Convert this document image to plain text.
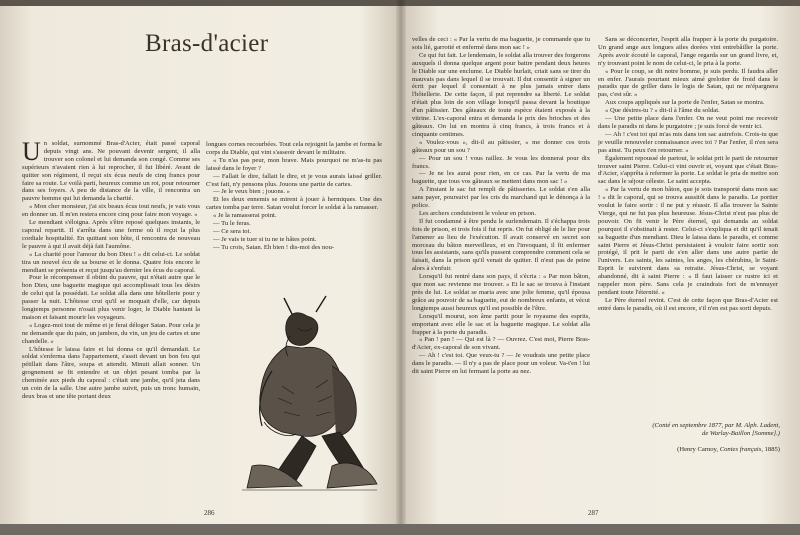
Bras-d'acier
U n soldat, surnommé Bras-d'Acier, était passé caporal depuis vingt ans. Ne pouvant devenir sergent, il alla trouver son colonel et lui demanda son congé. Comme ses supérieurs n'avaient rien à lui reprocher, il fut libéré. Avant de quitter son régiment, il reçut six écus neufs de cinq francs pour faire sa route. Le voilà parti, heureux comme un roi, pour retourner dans ses foyers. A peu de distance de la ville, il rencontra un pauvre homme qui lui demanda la charité.

« Mon cher monsieur, j'ai six beaux écus tout neufs, je vais vous en donner un. Il m'en restera encore cinq pour faire mon voyage. »

Le mendiant s'éloigna. Après s'être reposé quelques instants, le caporal repartit. Il s'arrêta dans une ferme où il reçut la plus cordiale hospitalité. En quittant son hôte, il rencontra de nouveau le pauvre à qui il avait déjà fait l'aumône.

« La charité pour l'amour du bon Dieu ! » dit celui-ci. Le soldat tira un nouvel écu de sa bourse et le donna. Quatre fois encore le mendiant se présenta et reçut jusqu'au dernier les écus du caporal.

Pour le récompenser il obtint du pauvre, qui n'était autre que le bon Dieu, une baguette magique qui accomplissait tous les désirs de celui qui la possédait. Le soldat alla dans une hôtellerie pour y passer la nuit. L'hôtesse crut qu'il se moquait d'elle, car depuis longtemps personne n'osait plus venir loger, le Diable hantant la maison et faisant mourir les voyageurs.

« Logez-moi tout de même et je ferai déloger Satan. Pour cela je ne demande que du pain, un jambon, du vin, un jeu de cartes et une chandelle. »

L'hôtesse le laissa faire et lui donna ce qu'il demandait. Le soldat s'enferma dans l'appartement, s'assit devant un bon feu qui pétillait dans l'âtre, soupa et attendit. Minuit allait sonner. Un grognement se fit entendre et un objet pesant tomba par la cheminée aux pieds du caporal : c'était une jambe, qu'il jeta dans un coin de la salle. Une autre jambe suivit, puis un tronc humain, deux bras et une tête portant deux

longues cornes recourbées. Tout cela rejoignit la jambe et forma le corps du Diable, qui vint s'asseoir devant le militaire.

« Tu n'as pas peur, mon brave. Mais pourquoi ne m'as-tu pas laissé dans le foyer ?

— Fallait le dire, fallait le dire, et je vous aurais laissé griller. C'est fait, n'y pensons plus. Jouons une partie de cartes.

— Je le veux bien ; jouons. »

Et les deux ennemis se mirent à jouer à hermiques. Une des cartes tomba par terre. Satan voulut forcer le soldat à la ramasser.

« Je la ramasserai point.

— Tu le feras.

— Ce sera toi.

— Je vais te tuer si tu ne te hâtes point.

— Tu crois, Satan. Eh bien ! dis-moi des nou-

286

velles de ceci : « Par la vertu de ma baguette, je commande que tu sois lié, garrotté et enfermé dans mon sac ! »

Ce qui fut fait. Le lendemain, le soldat alla trouver des forgerons auxquels il donna quelque argent pour battre pendant deux heures le Diable sur une enclume. Le Diable hurlait, criait sans se tirer du mauvais pas dans lequel il se trouvait. Il dut consentir à signer un écrit par lequel il consentait à ne plus jamais entrer dans l'hôtellerie. De cette façon, il put reprendre sa liberté. Le soldat n'était plus loin de son village lorsqu'il passa devant la boutique d'un pâtissier. Des gâteaux de toute espèce étaient exposés à la vitrine. L'ex-caporal entra et demanda le prix des brioches et des gâteaux. On lui en montra à cinq francs, à trois francs et à cinquante centimes.

« Voulez-vous », dit-il au pâtissier, « me donner ces trois gâteaux pour un sou ?

— Pour un sou ! vous raillez. Je vous les donnerai pour dix francs.

— Je ne les aurai pour rien, en ce cas. Par la vertu de ma baguette, que tous vos gâteaux se mettent dans mon sac ! »

A l'instant le sac fut rempli de pâtisseries. Le soldat s'en alla sans payer, poursuivi par les cris du marchand qui le dénonça à la police.

Les archers conduisirent le voleur en prison.

Il fut condamné à être pendu le surlendemain. Il s'échappa trois fois de prison, et trois fois il fut repris. On fut obligé de le lier pour l'amener au lieu de l'exécution. Il avait conservé en secret son morceau du bâton merveilleux, et en l'invoquant, il fit enfermer tous les assistants, sans qu'ils pussent comprendre comment cela se faisait, dans la prison qu'il venait de quitter. Il n'eut pas de peine alors à s'enfuir.

Lorsqu'il fut rentré dans son pays, il s'écria : « Par mon bâton, que mon sac revienne me trouver. » Et le sac se trouva à l'instant près de lui. Le soldat se maria avec une jolie femme, qu'il épousa grâce au pouvoir de sa baguette, eut de nombreux enfants, et vécut longtemps aussi heureux qu'il est possible de l'être.

Lorsqu'il mourut, son âme partit pour le royaume des esprits, emportant avec elle le sac et la baguette magique. Le soldat alla frapper à la porte du paradis.

« Pan ! pan ! — Qui est là ? — Ouvrez. C'est moi, Pierre Bras-d'Acier, ex-caporal de son vivant.

— Ah ! c'est toi. Que veux-tu ? — Je voudrais une petite place dans le paradis. — Il n'y a pas de place pour un voleur. Va-t'en ! lui dit saint Pierre en lui fermant la porte au nez.

Sans se déconcerter, l'esprit alla frapper à la porte du purgatoire. Un grand ange aux longues ailes dorées vint entrebâiller la porte. Après avoir écouté le caporal, l'ange regarda sur un grand livre, et, n'y trouvant point le nom de celui-ci, le pria à la porte.

« Pour le coup, se dit notre homme, je suis perdu. Il faudra aller en enfer. J'aurais pourtant mieux aimé grelotter de froid dans le paradis que de griller dans le logis de Satan, qui ne m'épargnera pas, c'est sûr. »

Aux coups appliqués sur la porte de l'enfer, Satan se montra.

« Que désires-tu ? » dit-il à l'âme du soldat.

— Une petite place dans l'enfer. On ne veut point me recevoir dans le paradis ni dans le purgatoire ; je suis forcé de venir ici.

— Ah ! c'est toi qui m'as mis dans ton sac autrefois. Crois-tu que je veuille renouveler connaissance avec toi ? Par l'enfer, il n'en sera pas ainsi. Tu peux t'en retourner. »

Également repoussé de partout, le soldat prit le parti de retourner trouver saint Pierre. Celui-ci vint ouvrir et, voyant que c'était Bras-d'Acier, s'apprêta à refermer la porte. Le soldat le pria de mettre son sac dans le séjour céleste. Le saint accepta.

« Par la vertu de mon bâton, que je sois transporté dans mon sac ! » dit le caporal, qui se trouva aussitôt dans le paradis. Le portier voulut le faire sortir : il ne put y réussir. Il alla trouver la Sainte Vierge, qui ne fut pas plus heureuse. Jésus-Christ n'eut pas plus de pouvoir. On fit venir le Père éternel, qui demanda au soldat pourquoi il s'obstinait à rester. Celui-ci s'expliqua et dit qu'il tenait sa baguette d'un mendiant. Dieu le laissa dans le paradis, et comme saint Pierre et Jésus-Christ persistaient à vouloir faire sortir son protégé, il prit le parti de s'en aller dans une autre partie de l'univers. Les saints, les saintes, les anges, les chérubins, le Saint-Esprit le suivirent dans sa retraite. Jésus-Christ, se voyant abandonné, dit à saint Pierre : « Il faut laisser ce rustre ici et rappeler mon père. Sans cela je craindrais fort de m'ennuyer pendant toute l'éternité. »

Le Père éternel revint. C'est de cette façon que Bras-d'Acier est entré dans le paradis, où il est encore, s'il n'en est pas sorti depuis.

(Conté en septembre 1877, par M. Alph. Ladent,
de Warlay-Baillon [Somme].)
(Henry Carnoy, Contes français, 1885)
287
